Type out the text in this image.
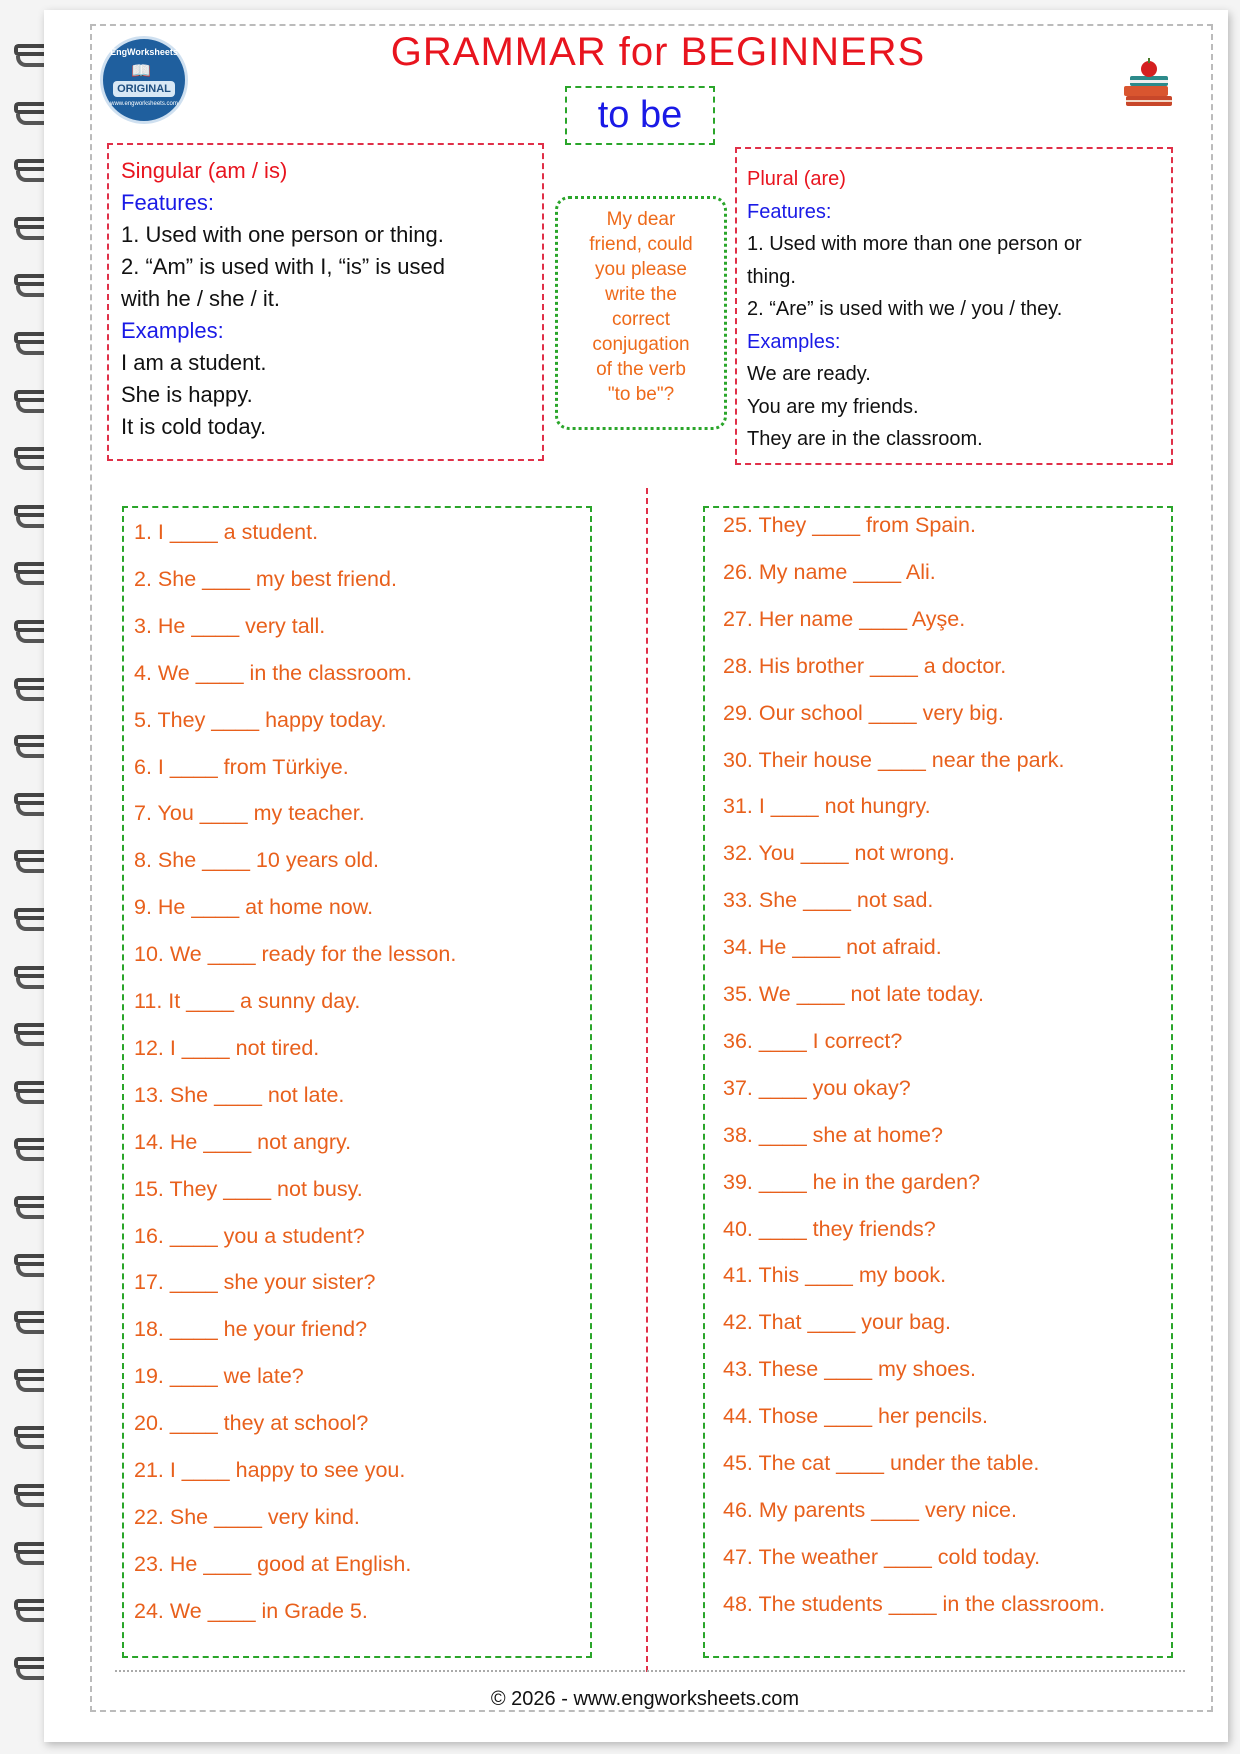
EngWorksheets
📖
ORIGINAL
www.engworksheets.com
GRAMMAR for BEGINNERS
to be
Singular (am / is)
Features:
1. Used with one person or thing.
2. “Am” is used with I, “is” is used
with he / she / it.
Examples:
I am a student.
She is happy.
It is cold today.
My dear
friend, could
you please
write the
correct
conjugation
of the verb
"to be"?
Plural (are)
Features:
1. Used with more than one person or
thing.
2. “Are” is used with we / you / they.
Examples:
We are ready.
You are my friends.
They are in the classroom.
1. I ____ a student.
2. She ____ my best friend.
3. He ____ very tall.
4. We ____ in the classroom.
5. They ____ happy today.
6. I ____ from Türkiye.
7. You ____ my teacher.
8. She ____ 10 years old.
9. He ____ at home now.
10. We ____ ready for the lesson.
11. It ____ a sunny day.
12. I ____ not tired.
13. She ____ not late.
14. He ____ not angry.
15. They ____ not busy.
16. ____ you a student?
17. ____ she your sister?
18. ____ he your friend?
19. ____ we late?
20. ____ they at school?
21. I ____ happy to see you.
22. She ____ very kind.
23. He ____ good at English.
24. We ____ in Grade 5.
25. They ____ from Spain.
26. My name ____ Ali.
27. Her name ____ Ayşe.
28. His brother ____ a doctor.
29. Our school ____ very big.
30. Their house ____ near the park.
31. I ____ not hungry.
32. You ____ not wrong.
33. She ____ not sad.
34. He ____ not afraid.
35. We ____ not late today.
36. ____ I correct?
37. ____ you okay?
38. ____ she at home?
39. ____ he in the garden?
40. ____ they friends?
41. This ____ my book.
42. That ____ your bag.
43. These ____ my shoes.
44. Those ____ her pencils.
45. The cat ____ under the table.
46. My parents ____ very nice.
47. The weather ____ cold today.
48. The students ____ in the classroom.
© 2026 - www.engworksheets.com
